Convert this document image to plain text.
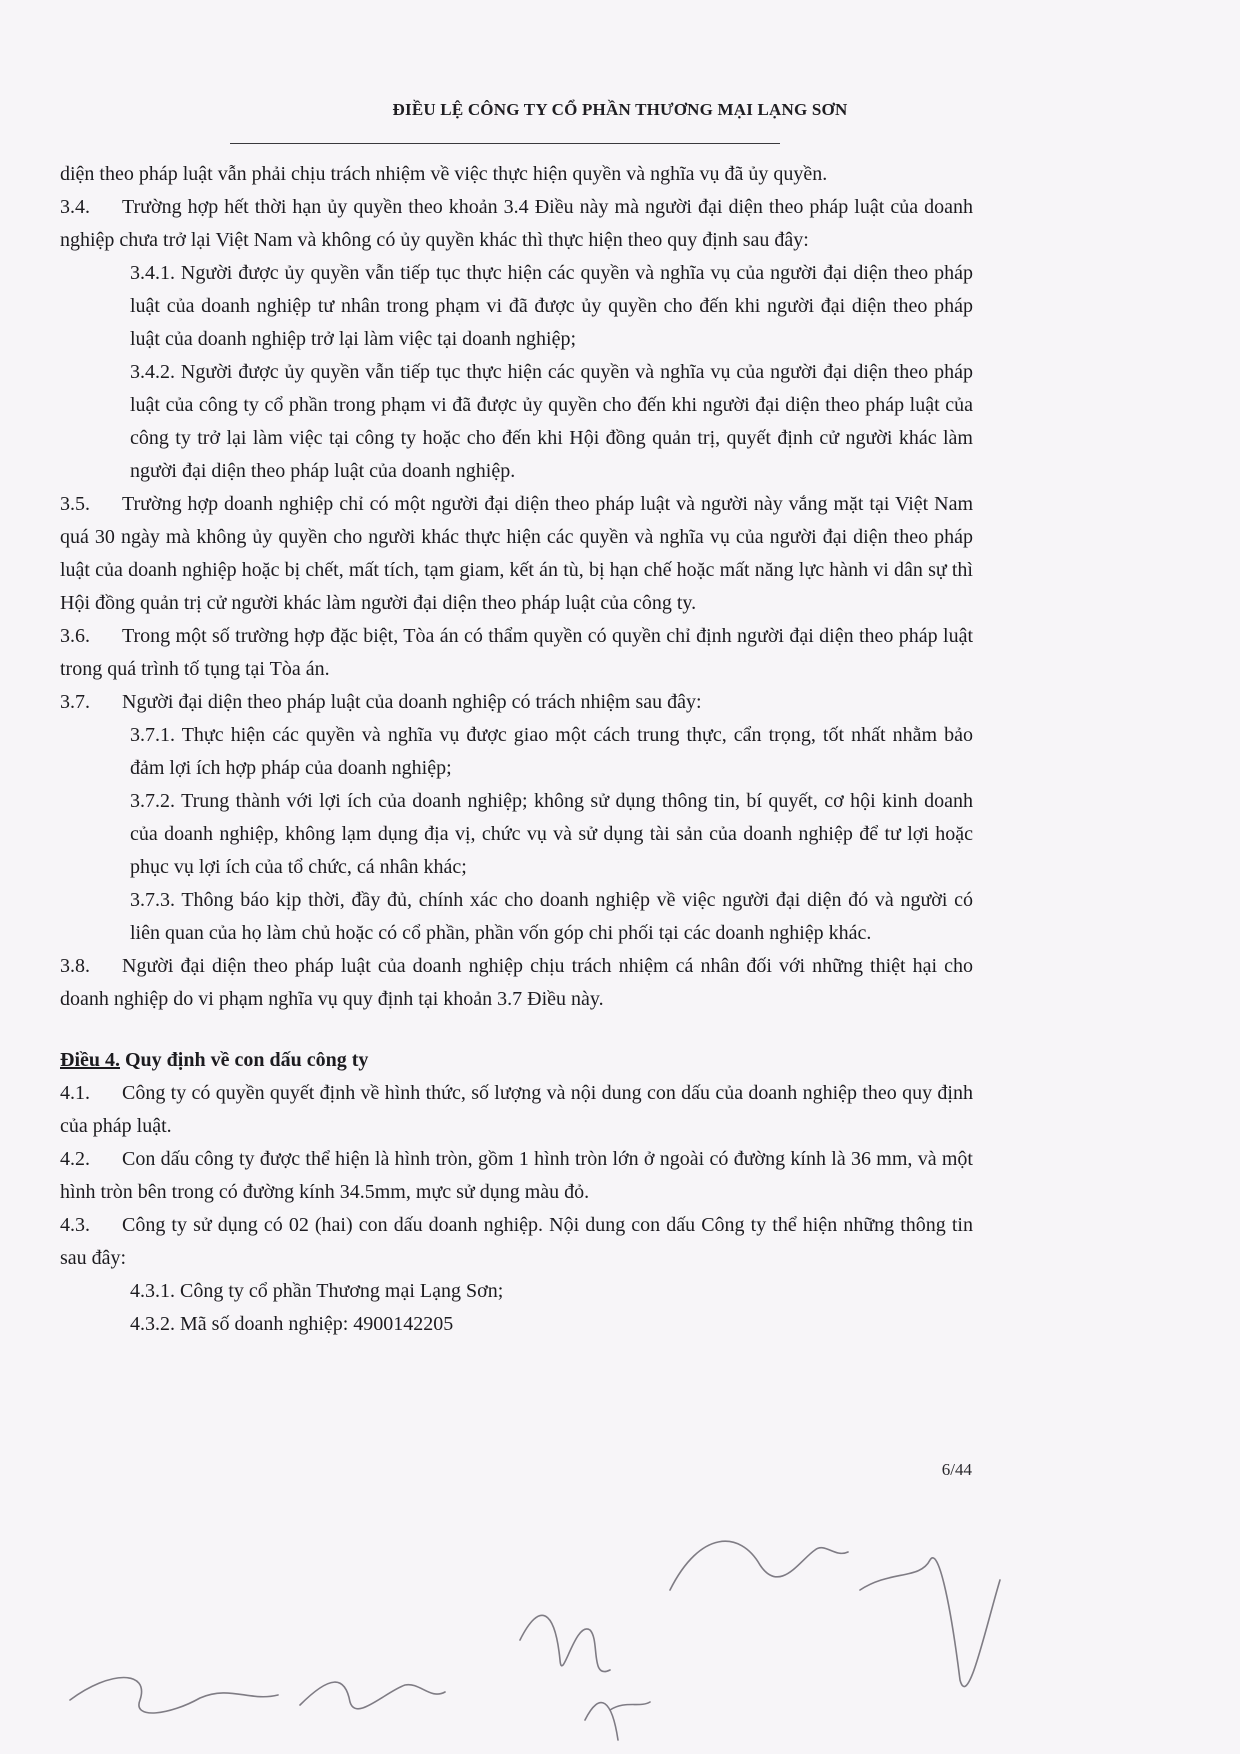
ĐIỀU LỆ CÔNG TY CỔ PHẦN THƯƠNG MẠI LẠNG SƠN

diện theo pháp luật vẫn phải chịu trách nhiệm về việc thực hiện quyền và nghĩa vụ đã ủy quyền.

3.4. Trường hợp hết thời hạn ủy quyền theo khoản 3.4 Điều này mà người đại diện theo pháp luật của doanh nghiệp chưa trở lại Việt Nam và không có ủy quyền khác thì thực hiện theo quy định sau đây:

3.4.1. Người được ủy quyền vẫn tiếp tục thực hiện các quyền và nghĩa vụ của người đại diện theo pháp luật của doanh nghiệp tư nhân trong phạm vi đã được ủy quyền cho đến khi người đại diện theo pháp luật của doanh nghiệp trở lại làm việc tại doanh nghiệp;

3.4.2. Người được ủy quyền vẫn tiếp tục thực hiện các quyền và nghĩa vụ của người đại diện theo pháp luật của công ty cổ phần trong phạm vi đã được ủy quyền cho đến khi người đại diện theo pháp luật của công ty trở lại làm việc tại công ty hoặc cho đến khi Hội đồng quản trị, quyết định cử người khác làm người đại diện theo pháp luật của doanh nghiệp.

3.5. Trường hợp doanh nghiệp chỉ có một người đại diện theo pháp luật và người này vắng mặt tại Việt Nam quá 30 ngày mà không ủy quyền cho người khác thực hiện các quyền và nghĩa vụ của người đại diện theo pháp luật của doanh nghiệp hoặc bị chết, mất tích, tạm giam, kết án tù, bị hạn chế hoặc mất năng lực hành vi dân sự thì Hội đồng quản trị cử người khác làm người đại diện theo pháp luật của công ty.

3.6. Trong một số trường hợp đặc biệt, Tòa án có thẩm quyền có quyền chỉ định người đại diện theo pháp luật trong quá trình tố tụng tại Tòa án.

3.7. Người đại diện theo pháp luật của doanh nghiệp có trách nhiệm sau đây:

3.7.1. Thực hiện các quyền và nghĩa vụ được giao một cách trung thực, cẩn trọng, tốt nhất nhằm bảo đảm lợi ích hợp pháp của doanh nghiệp;

3.7.2. Trung thành với lợi ích của doanh nghiệp; không sử dụng thông tin, bí quyết, cơ hội kinh doanh của doanh nghiệp, không lạm dụng địa vị, chức vụ và sử dụng tài sản của doanh nghiệp để tư lợi hoặc phục vụ lợi ích của tổ chức, cá nhân khác;

3.7.3. Thông báo kịp thời, đầy đủ, chính xác cho doanh nghiệp về việc người đại diện đó và người có liên quan của họ làm chủ hoặc có cổ phần, phần vốn góp chi phối tại các doanh nghiệp khác.

3.8. Người đại diện theo pháp luật của doanh nghiệp chịu trách nhiệm cá nhân đối với những thiệt hại cho doanh nghiệp do vi phạm nghĩa vụ quy định tại khoản 3.7 Điều này.

Điều 4. Quy định về con dấu công ty

4.1. Công ty có quyền quyết định về hình thức, số lượng và nội dung con dấu của doanh nghiệp theo quy định của pháp luật.

4.2. Con dấu công ty được thể hiện là hình tròn, gồm 1 hình tròn lớn ở ngoài có đường kính là 36 mm, và một hình tròn bên trong có đường kính 34.5mm, mực sử dụng màu đỏ.

4.3. Công ty sử dụng có 02 (hai) con dấu doanh nghiệp. Nội dung con dấu Công ty thể hiện những thông tin sau đây:

4.3.1. Công ty cổ phần Thương mại Lạng Sơn;

4.3.2. Mã số doanh nghiệp: 4900142205

6/44
